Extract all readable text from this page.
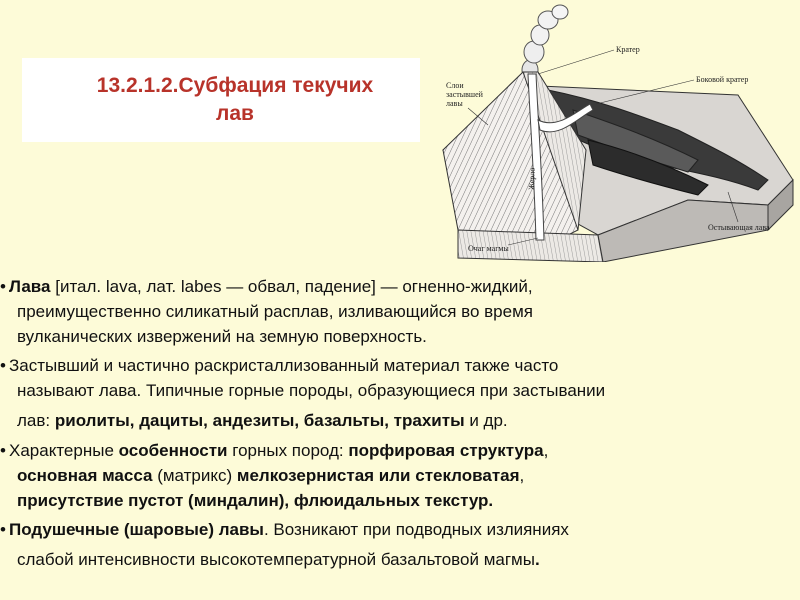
13.2.1.2.Субфация текучих
лав
Кратер
Боковой кратер
Слои
застывшей
лавы
Жерло
Остывающая лава
Очаг магмы
• Лава [итал. lava, лат. labes — обвал, падение] — огненно-жидкий,
преимущественно силикатный расплав, изливающийся во время
вулканических извержений на земную поверхность.
• Застывший и частично раскристаллизованный материал также часто
называют лава. Типичные горные породы, образующиеся при застывании
лав: риолиты, дациты, андезиты, базальты, трахиты и др.
• Характерные особенности горных пород: порфировая структура,
основная масса (матрикс) мелкозернистая или стекловатая,
присутствие пустот (миндалин), флюидальных текстур.
• Подушечные (шаровые) лавы. Возникают при подводных излияниях
слабой интенсивности высокотемпературной базальтовой магмы.
